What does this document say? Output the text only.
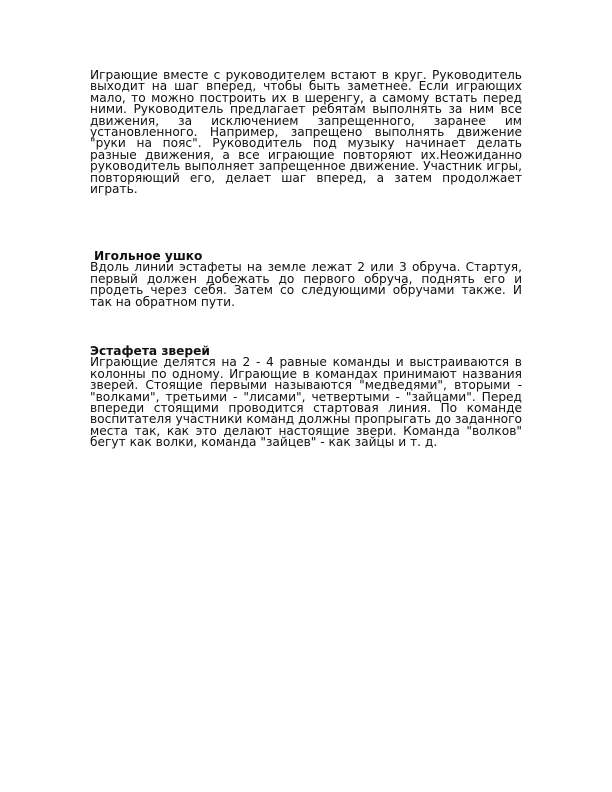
Играющие вместе с руководителем встают в круг. Руководитель выходит на шаг вперед, чтобы быть заметнее. Если играющих мало, то можно построить их в шеренгу, а самому встать перед ними. Руководитель предлагает ребятам выполнять за ним все движения, за исключением запрещенного, заранее им установленного. Например, запрещено выполнять движение "руки на пояс". Руководитель под музыку начинает делать разные движения, а все играющие повторяют их.Неожиданно руководитель выполняет запрещенное движение. Участник игры, повторяющий его, делает шаг вперед, а затем продолжает играть.

Игольное ушко

Вдоль линии эстафеты на земле лежат 2 или 3 обруча. Стартуя, первый должен добежать до первого обруча, поднять его и продеть через себя. Затем со следующими обручами также. И так на обратном пути.

Эстафета зверей

Играющие делятся на 2 - 4 равные команды и выстраиваются в колонны по одному. Играющие в командах принимают названия зверей. Стоящие первыми называются "медведями", вторыми - "волками", третьими - "лисами", четвертыми - "зайцами". Перед впереди стоящими проводится стартовая линия. По команде воспитателя участники команд должны пропрыгать до заданного места так, как это делают настоящие звери. Команда "волков" бегут как волки, команда "зайцев" - как зайцы и т. д.
